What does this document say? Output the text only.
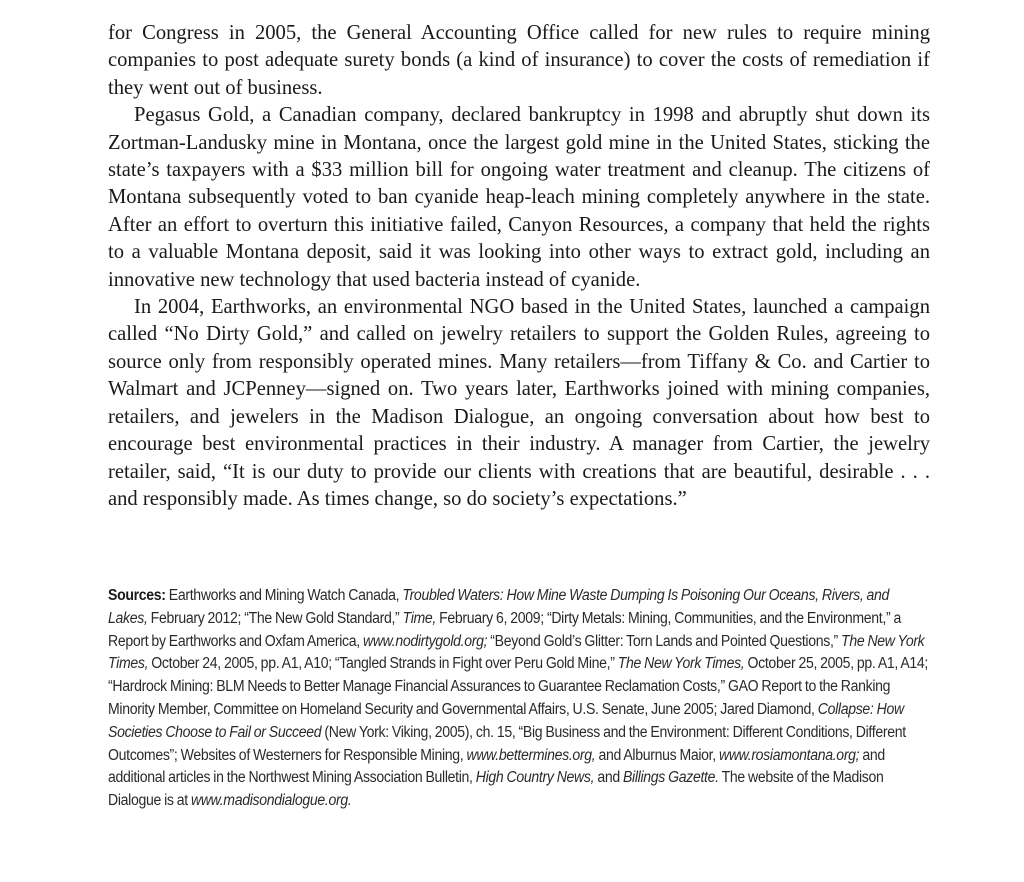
for Congress in 2005, the General Accounting Office called for new rules to require mining companies to post adequate surety bonds (a kind of insurance) to cover the costs of remediation if they went out of business.

Pegasus Gold, a Canadian company, declared bankruptcy in 1998 and abruptly shut down its Zortman-Landusky mine in Montana, once the largest gold mine in the United States, sticking the state’s taxpayers with a $33 million bill for ongoing water treatment and cleanup. The citizens of Montana subsequently voted to ban cyanide heap-leach mining completely anywhere in the state. After an effort to overturn this initiative failed, Canyon Resources, a company that held the rights to a valuable Montana deposit, said it was looking into other ways to extract gold, including an innovative new technology that used bacteria instead of cyanide.

In 2004, Earthworks, an environmental NGO based in the United States, launched a campaign called “No Dirty Gold,” and called on jewelry retailers to support the Golden Rules, agreeing to source only from responsibly operated mines. Many retailers—from Tiffany & Co. and Cartier to Walmart and JCPenney—signed on. Two years later, Earthworks joined with mining companies, retailers, and jewelers in the Madison Dialogue, an ongoing conversation about how best to encourage best environmental practices in their industry. A manager from Cartier, the jewelry retailer, said, “It is our duty to provide our clients with creations that are beautiful, desirable . . . and responsibly made. As times change, so do society’s expectations.”

Sources: Earthworks and Mining Watch Canada, Troubled Waters: How Mine Waste Dumping Is Poisoning Our Oceans, Rivers, and Lakes, February 2012; “The New Gold Standard,” Time, February 6, 2009; “Dirty Metals: Mining, Communities, and the Environment,” a Report by Earthworks and Oxfam America, www.nodirtygold.org; “Beyond Gold’s Glitter: Torn Lands and Pointed Questions,” The New York Times, October 24, 2005, pp. A1, A10; “Tangled Strands in Fight over Peru Gold Mine,” The New York Times, October 25, 2005, pp. A1, A14; “Hardrock Mining: BLM Needs to Better Manage Financial Assurances to Guarantee Reclamation Costs,” GAO Report to the Ranking Minority Member, Committee on Homeland Security and Governmental Affairs, U.S. Senate, June 2005; Jared Diamond, Collapse: How Societies Choose to Fail or Succeed (New York: Viking, 2005), ch. 15, “Big Business and the Environment: Different Conditions, Different Outcomes”; Websites of Westerners for Responsible Mining, www.bettermines.org, and Alburnus Maior, www.rosiamontana.org; and additional articles in the Northwest Mining Association Bulletin, High Country News, and Billings Gazette. The website of the Madison Dialogue is at www.madisondialogue.org.
